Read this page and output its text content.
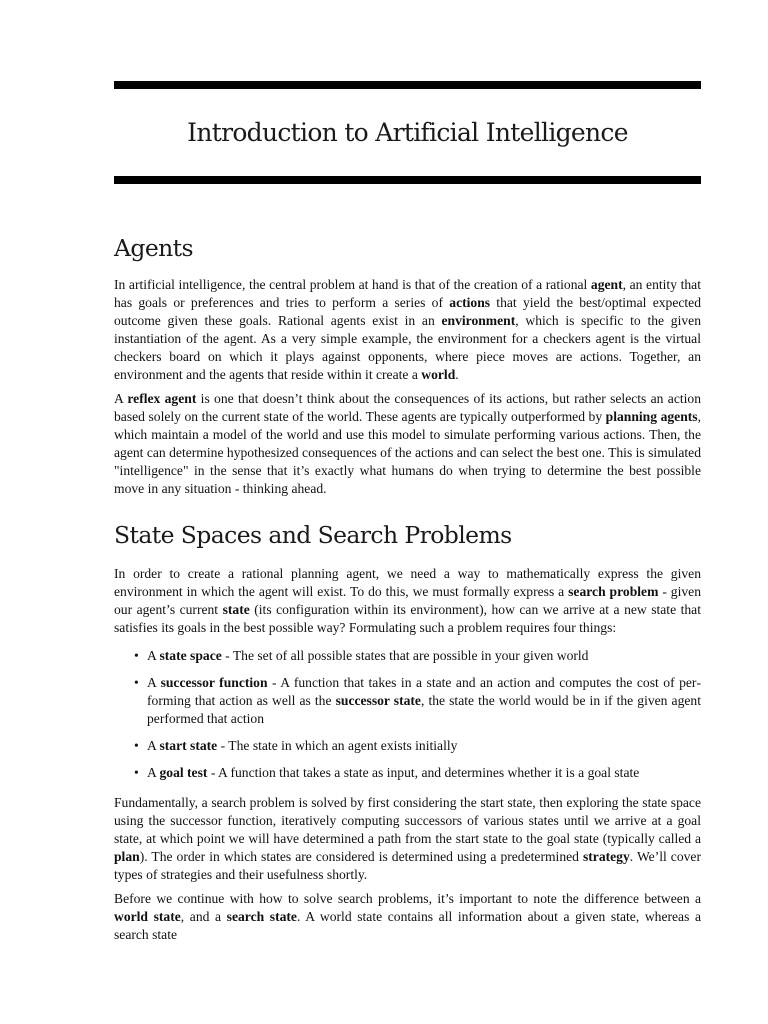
Introduction to Artificial Intelligence
Agents

In artificial intelligence, the central problem at hand is that of the creation of a rational agent, an entity that has goals or preferences and tries to perform a series of actions that yield the best/optimal expected outcome given these goals. Rational agents exist in an environment, which is specific to the given instantiation of the agent. As a very simple example, the environment for a checkers agent is the virtual checkers board on which it plays against opponents, where piece moves are actions. Together, an environment and the agents that reside within it create a world.

A reflex agent is one that doesn’t think about the consequences of its actions, but rather selects an action based solely on the current state of the world. These agents are typically outperformed by planning agents, which maintain a model of the world and use this model to simulate performing various actions. Then, the agent can determine hypothesized consequences of the actions and can select the best one. This is simulated "intelligence" in the sense that it’s exactly what humans do when trying to determine the best possible move in any situation - thinking ahead.

State Spaces and Search Problems

In order to create a rational planning agent, we need a way to mathematically express the given environment in which the agent will exist. To do this, we must formally express a search problem - given our agent’s current state (its configuration within its environment), how can we arrive at a new state that satisfies its goals in the best possible way? Formulating such a problem requires four things:

• A state space - The set of all possible states that are possible in your given world
• A successor function - A function that takes in a state and an action and computes the cost of performing that action as well as the successor state, the state the world would be in if the given agent performed that action
• A start state - The state in which an agent exists initially
• A goal test - A function that takes a state as input, and determines whether it is a goal state

Fundamentally, a search problem is solved by first considering the start state, then exploring the state space using the successor function, iteratively computing successors of various states until we arrive at a goal state, at which point we will have determined a path from the start state to the goal state (typically called a plan). The order in which states are considered is determined using a predetermined strategy. We’ll cover types of strategies and their usefulness shortly.

Before we continue with how to solve search problems, it’s important to note the difference between a world state, and a search state. A world state contains all information about a given state, whereas a search state
